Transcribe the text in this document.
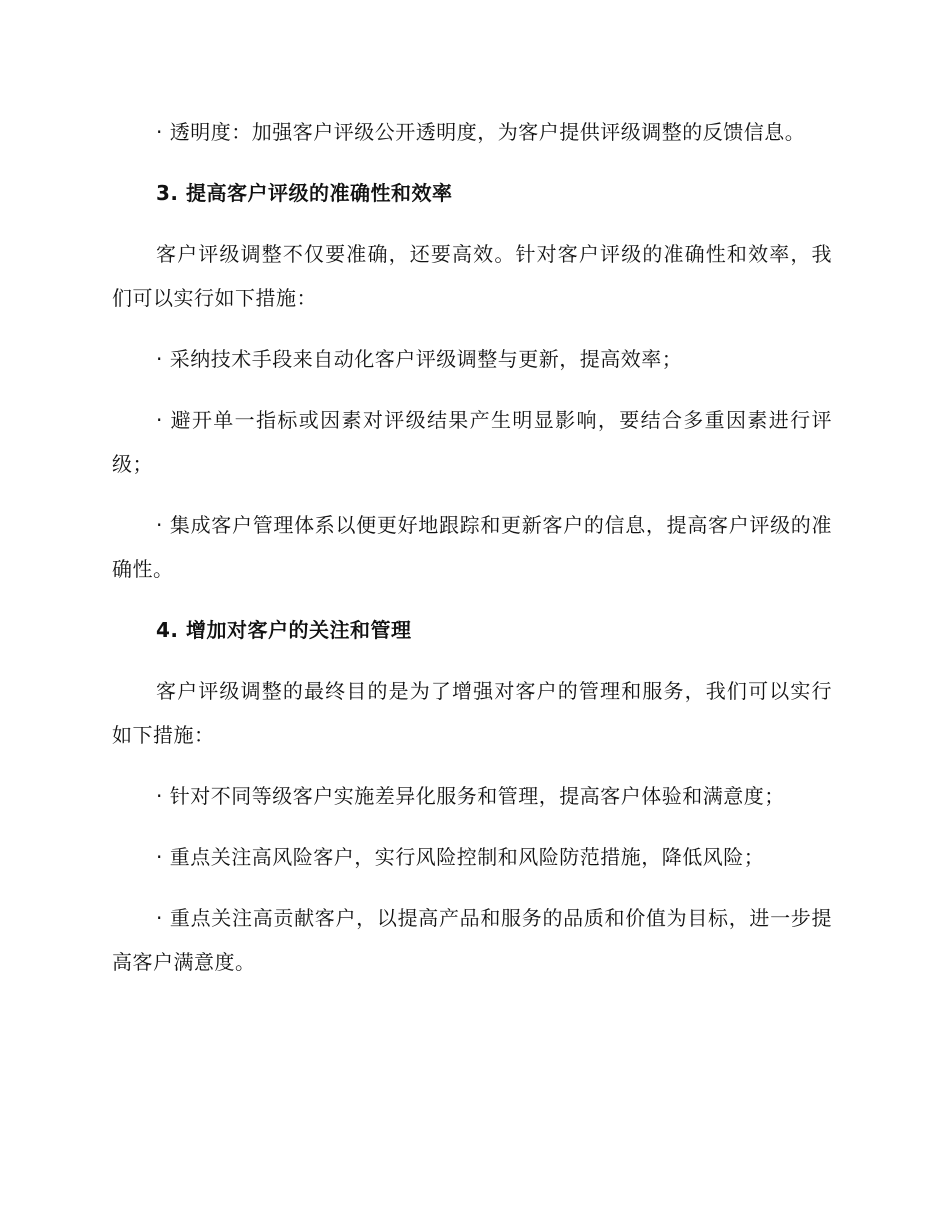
· 透明度：加强客户评级公开透明度，为客户提供评级调整的反馈信息。

3. 提高客户评级的准确性和效率

客户评级调整不仅要准确，还要高效。针对客户评级的准确性和效率，我们可以实行如下措施：

· 采纳技术手段来自动化客户评级调整与更新，提高效率；

· 避开单一指标或因素对评级结果产生明显影响，要结合多重因素进行评级；

· 集成客户管理体系以便更好地跟踪和更新客户的信息，提高客户评级的准确性。

4. 增加对客户的关注和管理

客户评级调整的最终目的是为了增强对客户的管理和服务，我们可以实行如下措施：

· 针对不同等级客户实施差异化服务和管理，提高客户体验和满意度；

· 重点关注高风险客户，实行风险控制和风险防范措施，降低风险；

· 重点关注高贡献客户，以提高产品和服务的品质和价值为目标，进一步提高客户满意度。
